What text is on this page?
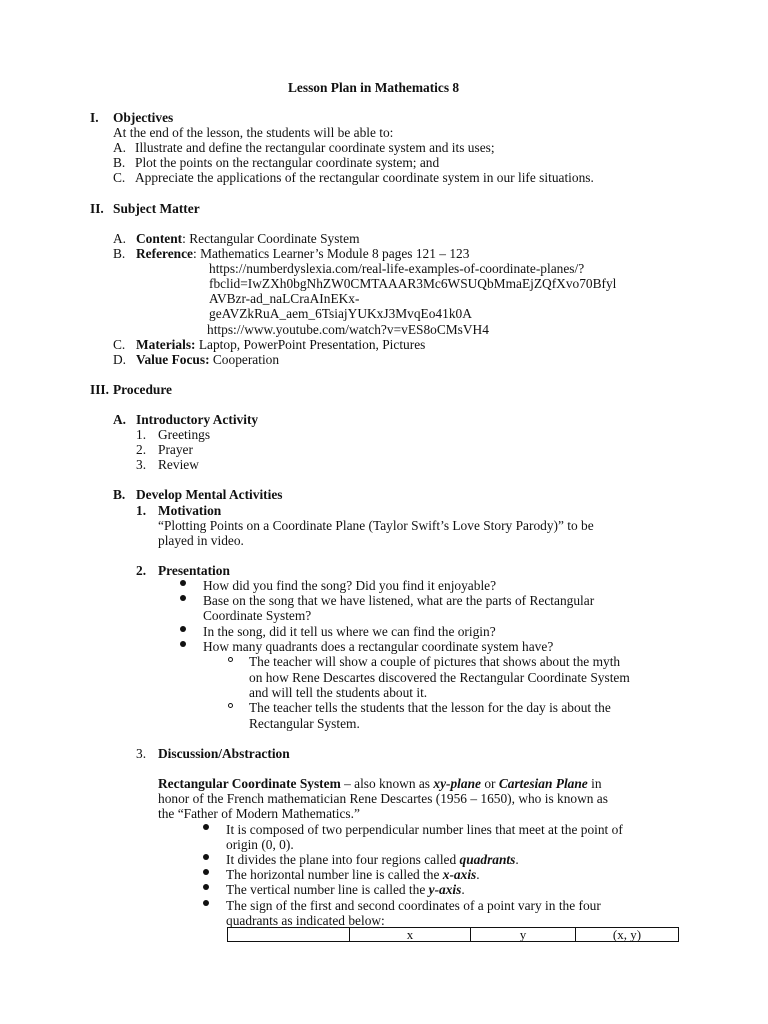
Lesson Plan in Mathematics 8
I. Objectives
At the end of the lesson, the students will be able to:
A. Illustrate and define the rectangular coordinate system and its uses;
B. Plot the points on the rectangular coordinate system; and
C. Appreciate the applications of the rectangular coordinate system in our life situations.
II. Subject Matter
A. Content: Rectangular Coordinate System
B. Reference: Mathematics Learner’s Module 8 pages 121 – 123
https://numberdyslexia.com/real-life-examples-of-coordinate-planes/?
fbclid=IwZXh0bgNhZW0CMTAAAR3Mc6WSUQbMmaEjZQfXvo70Bfyl
AVBzr-ad_naLCraAInEKx-
geAVZkRuA_aem_6TsiajYUKxJ3MvqEo41k0A
https://www.youtube.com/watch?v=vES8oCMsVH4
C. Materials: Laptop, PowerPoint Presentation, Pictures
D. Value Focus: Cooperation
III. Procedure
A. Introductory Activity
1. Greetings
2. Prayer
3. Review
B. Develop Mental Activities
1. Motivation
“Plotting Points on a Coordinate Plane (Taylor Swift’s Love Story Parody)” to be
played in video.
2. Presentation
How did you find the song? Did you find it enjoyable?
Base on the song that we have listened, what are the parts of Rectangular
Coordinate System?
In the song, did it tell us where we can find the origin?
How many quadrants does a rectangular coordinate system have?
The teacher will show a couple of pictures that shows about the myth
on how Rene Descartes discovered the Rectangular Coordinate System
and will tell the students about it.
The teacher tells the students that the lesson for the day is about the
Rectangular System.
3. Discussion/Abstraction
Rectangular Coordinate System – also known as xy-plane or Cartesian Plane in
honor of the French mathematician Rene Descartes (1956 – 1650), who is known as
the “Father of Modern Mathematics.”
It is composed of two perpendicular number lines that meet at the point of
origin (0, 0).
It divides the plane into four regions called quadrants.
The horizontal number line is called the x-axis.
The vertical number line is called the y-axis.
The sign of the first and second coordinates of a point vary in the four
quadrants as indicated below:
	x	y	(x, y)
